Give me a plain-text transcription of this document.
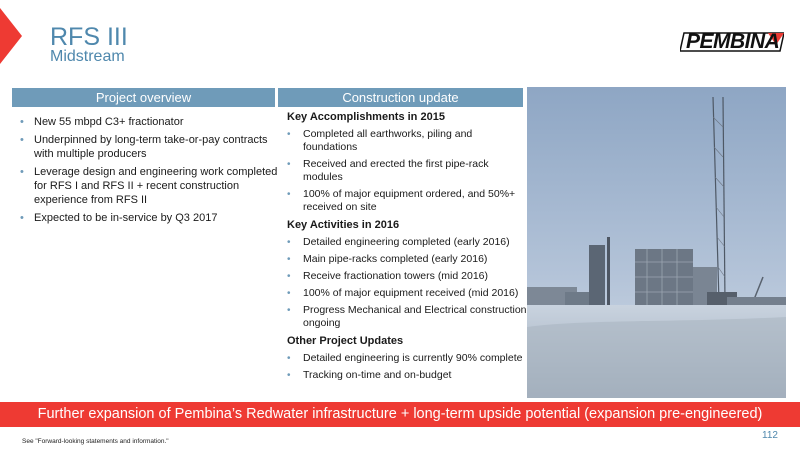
RFS III
Midstream
PEMBINA
Project overview	Construction update
• New 55 mbpd C3+ fractionator
• Underpinned by long-term take-or-pay contracts with multiple producers
• Leverage design and engineering work completed for RFS I and RFS II + recent construction experience from RFS II
• Expected to be in-service by Q3 2017
Key Accomplishments in 2015
• Completed all earthworks, piling and foundations
• Received and erected the first pipe-rack modules
• 100% of major equipment ordered, and 50%+ received on site
Key Activities in 2016
• Detailed engineering completed (early 2016)
• Main pipe-racks completed (early 2016)
• Receive fractionation towers (mid 2016)
• 100% of major equipment received (mid 2016)
• Progress Mechanical and Electrical construction ongoing
Other Project Updates
• Detailed engineering is currently 90% complete
• Tracking on-time and on-budget
Further expansion of Pembina’s Redwater infrastructure + long-term upside potential (expansion pre-engineered)
See "Forward-looking statements and information."
112
